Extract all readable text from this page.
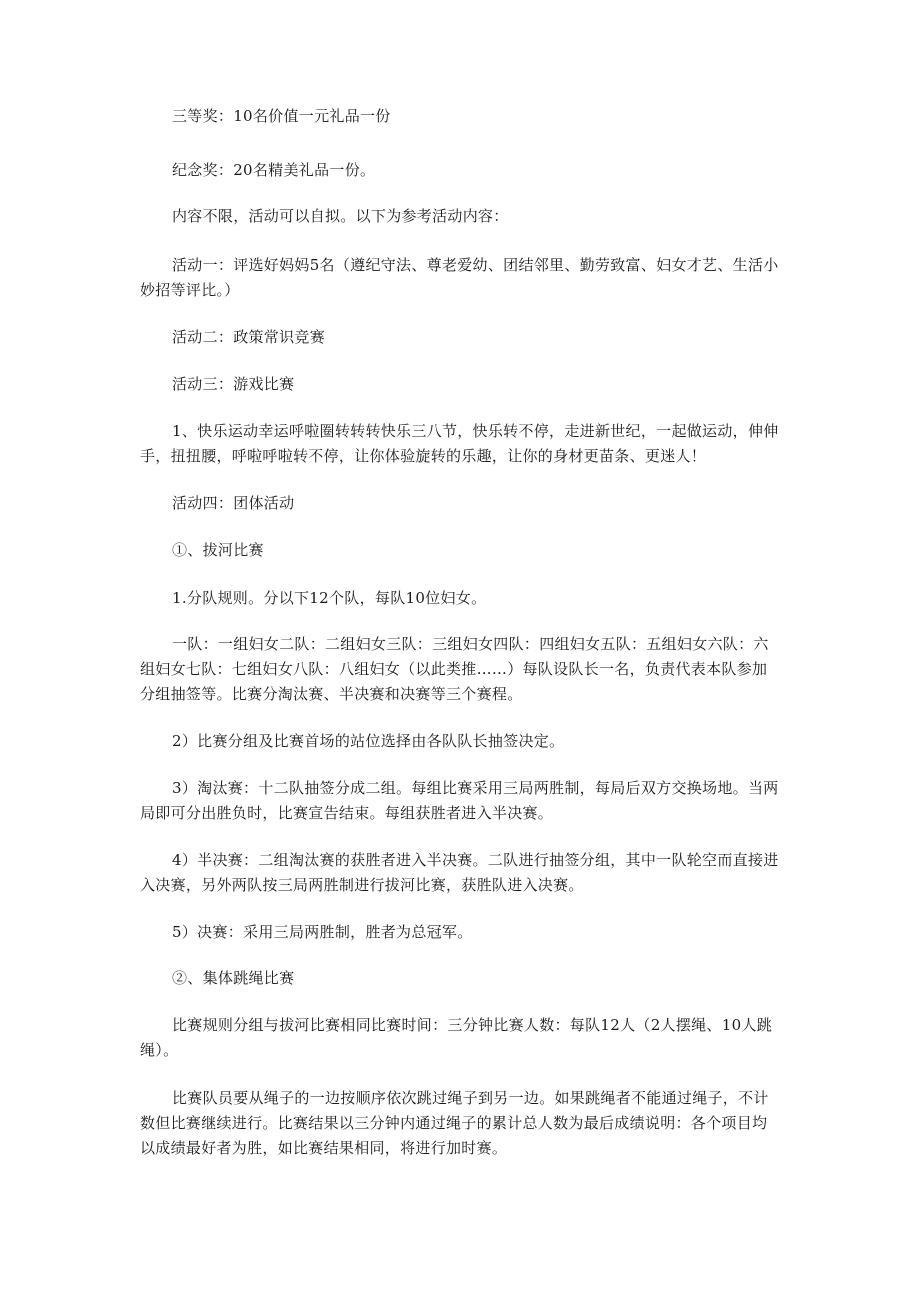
三等奖：10名价值一元礼品一份

纪念奖：20名精美礼品一份。

内容不限，活动可以自拟。以下为参考活动内容：

活动一：评选好妈妈5名（遵纪守法、尊老爱幼、团结邻里、勤劳致富、妇女才艺、生活小妙招等评比。）

活动二：政策常识竞赛

活动三：游戏比赛

1、快乐运动幸运呼啦圈转转转快乐三八节，快乐转不停，走进新世纪，一起做运动，伸伸手，扭扭腰，呼啦呼啦转不停，让你体验旋转的乐趣，让你的身材更苗条、更迷人！

活动四：团体活动

①、拔河比赛

1.分队规则。分以下12个队，每队10位妇女。

一队：一组妇女二队：二组妇女三队：三组妇女四队：四组妇女五队：五组妇女六队：六组妇女七队：七组妇女八队：八组妇女（以此类推……）每队设队长一名，负责代表本队参加分组抽签等。比赛分淘汰赛、半决赛和决赛等三个赛程。

2）比赛分组及比赛首场的站位选择由各队队长抽签决定。

3）淘汰赛：十二队抽签分成二组。每组比赛采用三局两胜制，每局后双方交换场地。当两局即可分出胜负时，比赛宣告结束。每组获胜者进入半决赛。

4）半决赛：二组淘汰赛的获胜者进入半决赛。二队进行抽签分组，其中一队轮空而直接进入决赛，另外两队按三局两胜制进行拔河比赛，获胜队进入决赛。

5）决赛：采用三局两胜制，胜者为总冠军。

②、集体跳绳比赛

比赛规则分组与拔河比赛相同比赛时间：三分钟比赛人数：每队12人（2人摆绳、10人跳绳）。

比赛队员要从绳子的一边按顺序依次跳过绳子到另一边。如果跳绳者不能通过绳子，不计数但比赛继续进行。比赛结果以三分钟内通过绳子的累计总人数为最后成绩说明：各个项目均以成绩最好者为胜，如比赛结果相同，将进行加时赛。
